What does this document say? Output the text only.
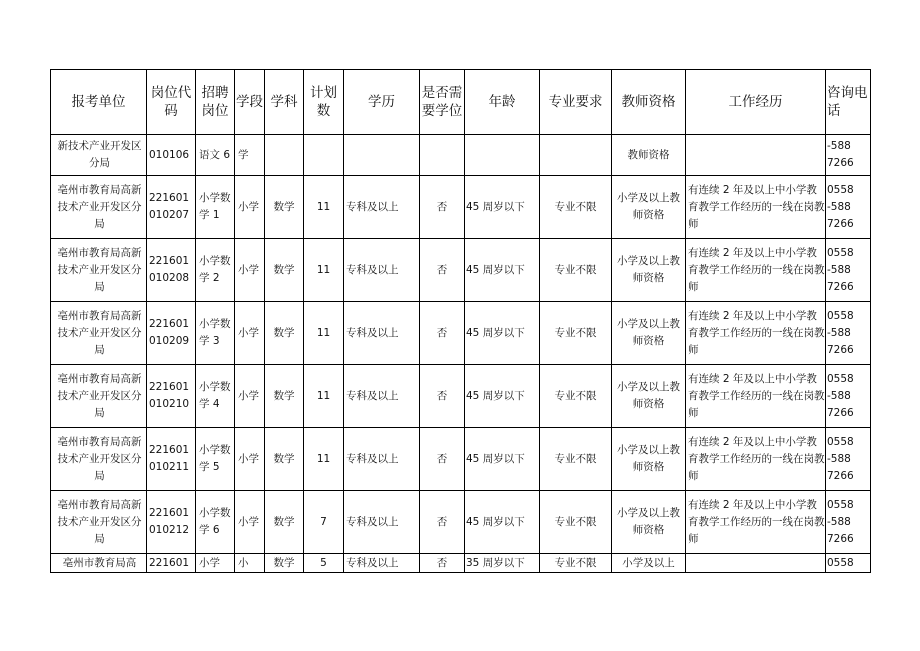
报考单位	岗位代码	招聘岗位	学段	学科	计划数	学历	是否需要学位	年龄	专业要求	教师资格	工作经历	咨询电话
新技术产业开发区分局	010106	语文 6	学							教师资格		-588 7266
亳州市教育局高新技术产业开发区分局	221601 010207	小学数学 1	小学	数学	11	专科及以上	否	45 周岁以下	专业不限	小学及以上教师资格	有连续 2 年及以上中小学教育教学工作经历的一线在岗教师	0558 -588 7266
亳州市教育局高新技术产业开发区分局	221601 010208	小学数学 2	小学	数学	11	专科及以上	否	45 周岁以下	专业不限	小学及以上教师资格	有连续 2 年及以上中小学教育教学工作经历的一线在岗教师	0558 -588 7266
亳州市教育局高新技术产业开发区分局	221601 010209	小学数学 3	小学	数学	11	专科及以上	否	45 周岁以下	专业不限	小学及以上教师资格	有连续 2 年及以上中小学教育教学工作经历的一线在岗教师	0558 -588 7266
亳州市教育局高新技术产业开发区分局	221601 010210	小学数学 4	小学	数学	11	专科及以上	否	45 周岁以下	专业不限	小学及以上教师资格	有连续 2 年及以上中小学教育教学工作经历的一线在岗教师	0558 -588 7266
亳州市教育局高新技术产业开发区分局	221601 010211	小学数学 5	小学	数学	11	专科及以上	否	45 周岁以下	专业不限	小学及以上教师资格	有连续 2 年及以上中小学教育教学工作经历的一线在岗教师	0558 -588 7266
亳州市教育局高新技术产业开发区分局	221601 010212	小学数学 6	小学	数学	7	专科及以上	否	45 周岁以下	专业不限	小学及以上教师资格	有连续 2 年及以上中小学教育教学工作经历的一线在岗教师	0558 -588 7266
亳州市教育局高	221601	小学	小	数学	5	专科及以上	否	35 周岁以下	专业不限	小学及以上		0558
